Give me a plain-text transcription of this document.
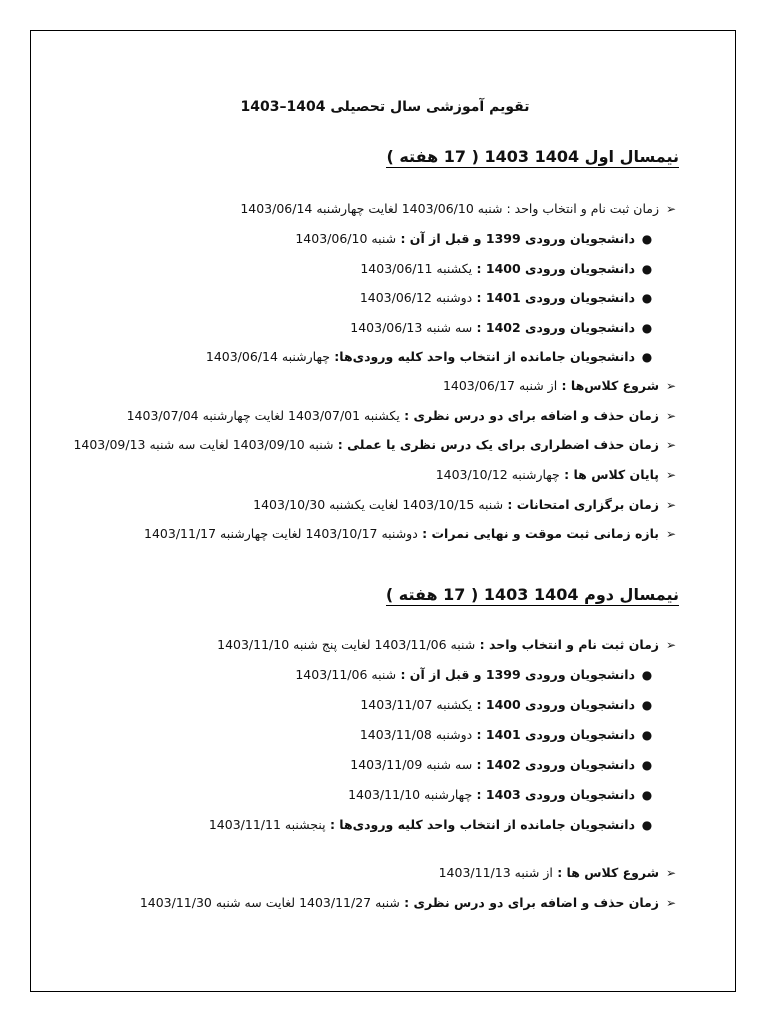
تقویم آموزشی سال تحصیلی 1404–1403
نیمسال اول 1404 1403 ( 17 هفته )
➢زمان ثبت نام و انتخاب واحد : شنبه 1403/06/10 لغایت چهارشنبه 1403/06/14
●دانشجویان ورودی 1399 و قبل از آن : شنبه 1403/06/10
●دانشجویان ورودی 1400 : یکشنبه 1403/06/11
●دانشجویان ورودی 1401 : دوشنبه 1403/06/12
●دانشجویان ورودی 1402 : سه شنبه 1403/06/13
●دانشجویان جامانده از انتخاب واحد کلیه ورودی‌ها: چهارشنبه 1403/06/14
➢شروع کلاس‌ها : از شنبه 1403/06/17
➢زمان حذف و اضافه برای دو درس نظری : یکشنبه 1403/07/01 لغایت چهارشنبه 1403/07/04
➢زمان حذف اضطراری برای یک درس نظری یا عملی : شنبه 1403/09/10 لغایت سه شنبه 1403/09/13
➢پایان کلاس ها : چهارشنبه 1403/10/12
➢زمان برگزاری امتحانات : شنبه 1403/10/15 لغایت یکشنبه 1403/10/30
➢بازه زمانی ثبت موقت و نهایی نمرات : دوشنبه 1403/10/17 لغایت چهارشنبه 1403/11/17
نیمسال دوم 1404 1403 ( 17 هفته )
➢زمان ثبت نام و انتخاب واحد : شنبه 1403/11/06 لغایت پنج شنبه 1403/11/10
●دانشجویان ورودی 1399 و قبل از آن : شنبه 1403/11/06
●دانشجویان ورودی 1400 : یکشنبه 1403/11/07
●دانشجویان ورودی 1401 : دوشنبه 1403/11/08
●دانشجویان ورودی 1402 : سه شنبه 1403/11/09
●دانشجویان ورودی 1403 : چهارشنبه 1403/11/10
●دانشجویان جامانده از انتخاب واحد کلیه ورودی‌ها : پنجشنبه 1403/11/11
➢شروع کلاس ها : از شنبه 1403/11/13
➢زمان حذف و اضافه برای دو درس نظری : شنبه 1403/11/27 لغایت سه شنبه 1403/11/30
